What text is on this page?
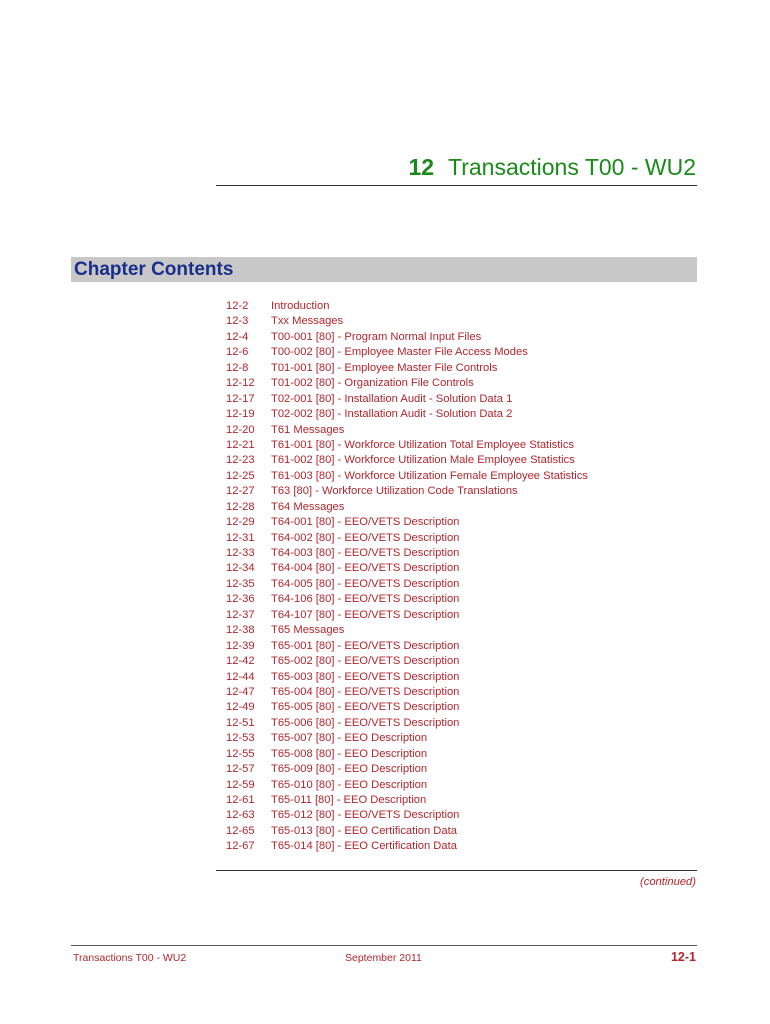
12 Transactions T00 - WU2
Chapter Contents
12-2	Introduction
12-3	Txx Messages
12-4	T00-001 [80] - Program Normal Input Files
12-6	T00-002 [80] - Employee Master File Access Modes
12-8	T01-001 [80] - Employee Master File Controls
12-12	T01-002 [80] - Organization File Controls
12-17	T02-001 [80] - Installation Audit - Solution Data 1
12-19	T02-002 [80] - Installation Audit - Solution Data 2
12-20	T61 Messages
12-21	T61-001 [80] - Workforce Utilization Total Employee Statistics
12-23	T61-002 [80] - Workforce Utilization Male Employee Statistics
12-25	T61-003 [80] - Workforce Utilization Female Employee Statistics
12-27	T63 [80] - Workforce Utilization Code Translations
12-28	T64 Messages
12-29	T64-001 [80] - EEO/VETS Description
12-31	T64-002 [80] - EEO/VETS Description
12-33	T64-003 [80] - EEO/VETS Description
12-34	T64-004 [80] - EEO/VETS Description
12-35	T64-005 [80] - EEO/VETS Description
12-36	T64-106 [80] - EEO/VETS Description
12-37	T64-107 [80] - EEO/VETS Description
12-38	T65 Messages
12-39	T65-001 [80] - EEO/VETS Description
12-42	T65-002 [80] - EEO/VETS Description
12-44	T65-003 [80] - EEO/VETS Description
12-47	T65-004 [80] - EEO/VETS Description
12-49	T65-005 [80] - EEO/VETS Description
12-51	T65-006 [80] - EEO/VETS Description
12-53	T65-007 [80] - EEO Description
12-55	T65-008 [80] - EEO Description
12-57	T65-009 [80] - EEO Description
12-59	T65-010 [80] - EEO Description
12-61	T65-011 [80] - EEO Description
12-63	T65-012 [80] - EEO/VETS Description
12-65	T65-013 [80] - EEO Certification Data
12-67	T65-014 [80] - EEO Certification Data
(continued)
Transactions T00 - WU2	September 2011	12-1
